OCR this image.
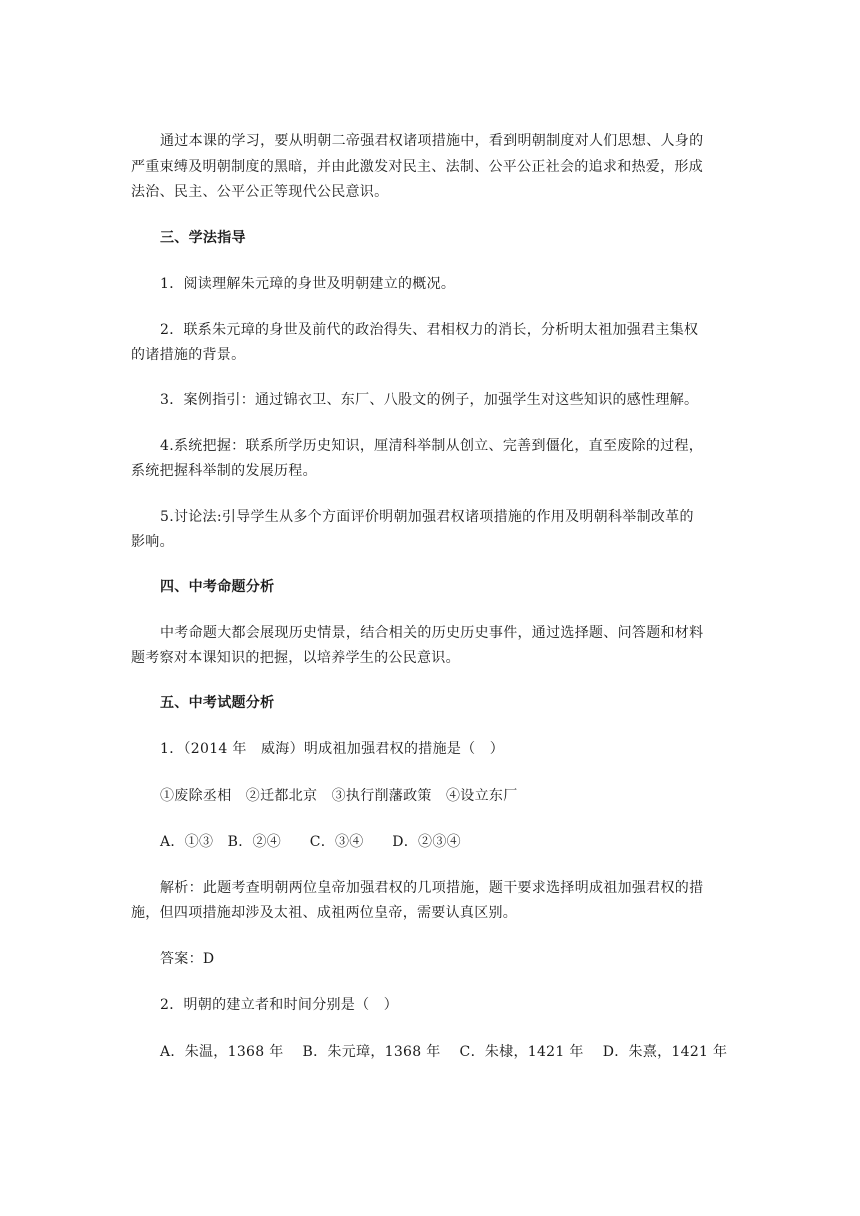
通过本课的学习，要从明朝二帝强君权诸项措施中，看到明朝制度对人们思想、人身的
严重束缚及明朝制度的黑暗，并由此激发对民主、法制、公平公正社会的追求和热爱，形成
法治、民主、公平公正等现代公民意识。
三、学法指导
1．阅读理解朱元璋的身世及明朝建立的概况。
2．联系朱元璋的身世及前代的政治得失、君相权力的消长，分析明太祖加强君主集权
的诸措施的背景。
3．案例指引：通过锦衣卫、东厂、八股文的例子，加强学生对这些知识的感性理解。
4.系统把握：联系所学历史知识，厘清科举制从创立、完善到僵化，直至废除的过程，
系统把握科举制的发展历程。
5.讨论法:引导学生从多个方面评价明朝加强君权诸项措施的作用及明朝科举制改革的
影响。
四、中考命题分析
中考命题大都会展现历史情景，结合相关的历史历史事件，通过选择题、问答题和材料
题考察对本课知识的把握，以培养学生的公民意识。
五、中考试题分析
1．（2014 年　威海）明成祖加强君权的措施是（　）
①废除丞相　②迁都北京　③执行削藩政策　④设立东厂
A．①③　B．②④　　C．③④　　D．②③④
解析：此题考查明朝两位皇帝加强君权的几项措施，题干要求选择明成祖加强君权的措
施，但四项措施却涉及太祖、成祖两位皇帝，需要认真区别。
答案：D
2．明朝的建立者和时间分别是（　）
A．朱温，1368 年　 B．朱元璋，1368 年　 C．朱棣，1421 年　 D．朱熹，1421 年
